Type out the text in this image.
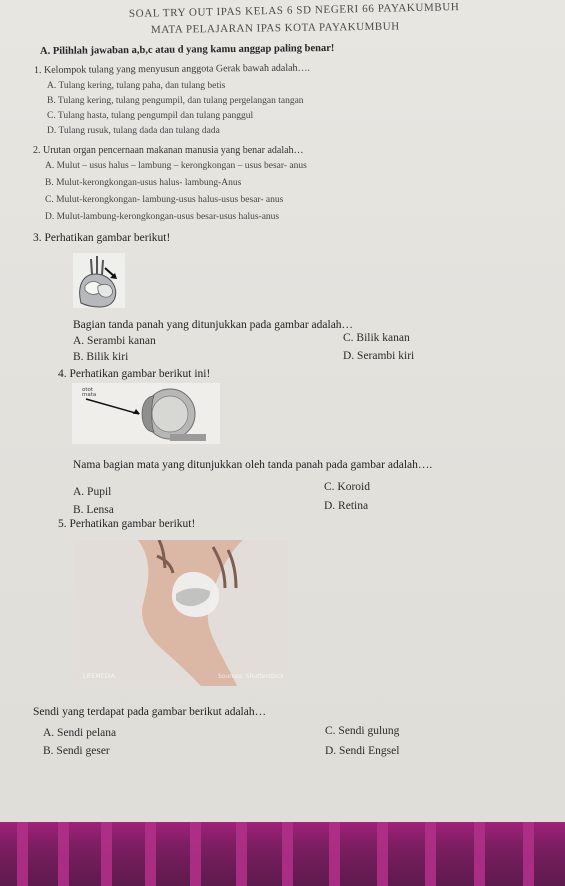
SOAL TRY OUT IPAS KELAS 6 SD NEGERI 66 PAYAKUMBUH
MATA PELAJARAN IPAS KOTA PAYAKUMBUH
A. Pilihlah jawaban a,b,c atau d yang kamu anggap paling benar!
1. Kelompok tulang yang menyusun anggota Gerak bawah adalah….
A. Tulang kering, tulang paha, dan tulang betis
B. Tulang kering, tulang pengumpil, dan tulang pergelangan tangan
C. Tulang hasta, tulang pengumpil dan tulang panggul
D. Tulang rusuk, tulang dada dan tulang dada
2. Urutan organ pencernaan makanan manusia yang benar adalah…
A. Mulut – usus halus – lambung – kerongkongan – usus besar- anus
B. Mulut-kerongkongan-usus halus- lambung-Anus
C. Mulut-kerongkongan- lambung-usus halus-usus besar- anus
D. Mulut-lambung-kerongkongan-usus besar-usus halus-anus
3. Perhatikan gambar berikut!
Bagian tanda panah yang ditunjukkan pada gambar adalah…
A. Serambi kanan
B. Bilik kiri
C. Bilik kanan
D. Serambi kiri
4. Perhatikan gambar berikut ini!
otot
mata
Nama bagian mata yang ditunjukkan oleh tanda panah pada gambar adalah….
A. Pupil
B. Lensa
C. Koroid
D. Retina
5. Perhatikan gambar berikut!
LIFEMEDIA	Sources: Shutterstock
Sendi yang terdapat pada gambar berikut adalah…
A. Sendi pelana
B. Sendi geser
C. Sendi gulung
D. Sendi Engsel
